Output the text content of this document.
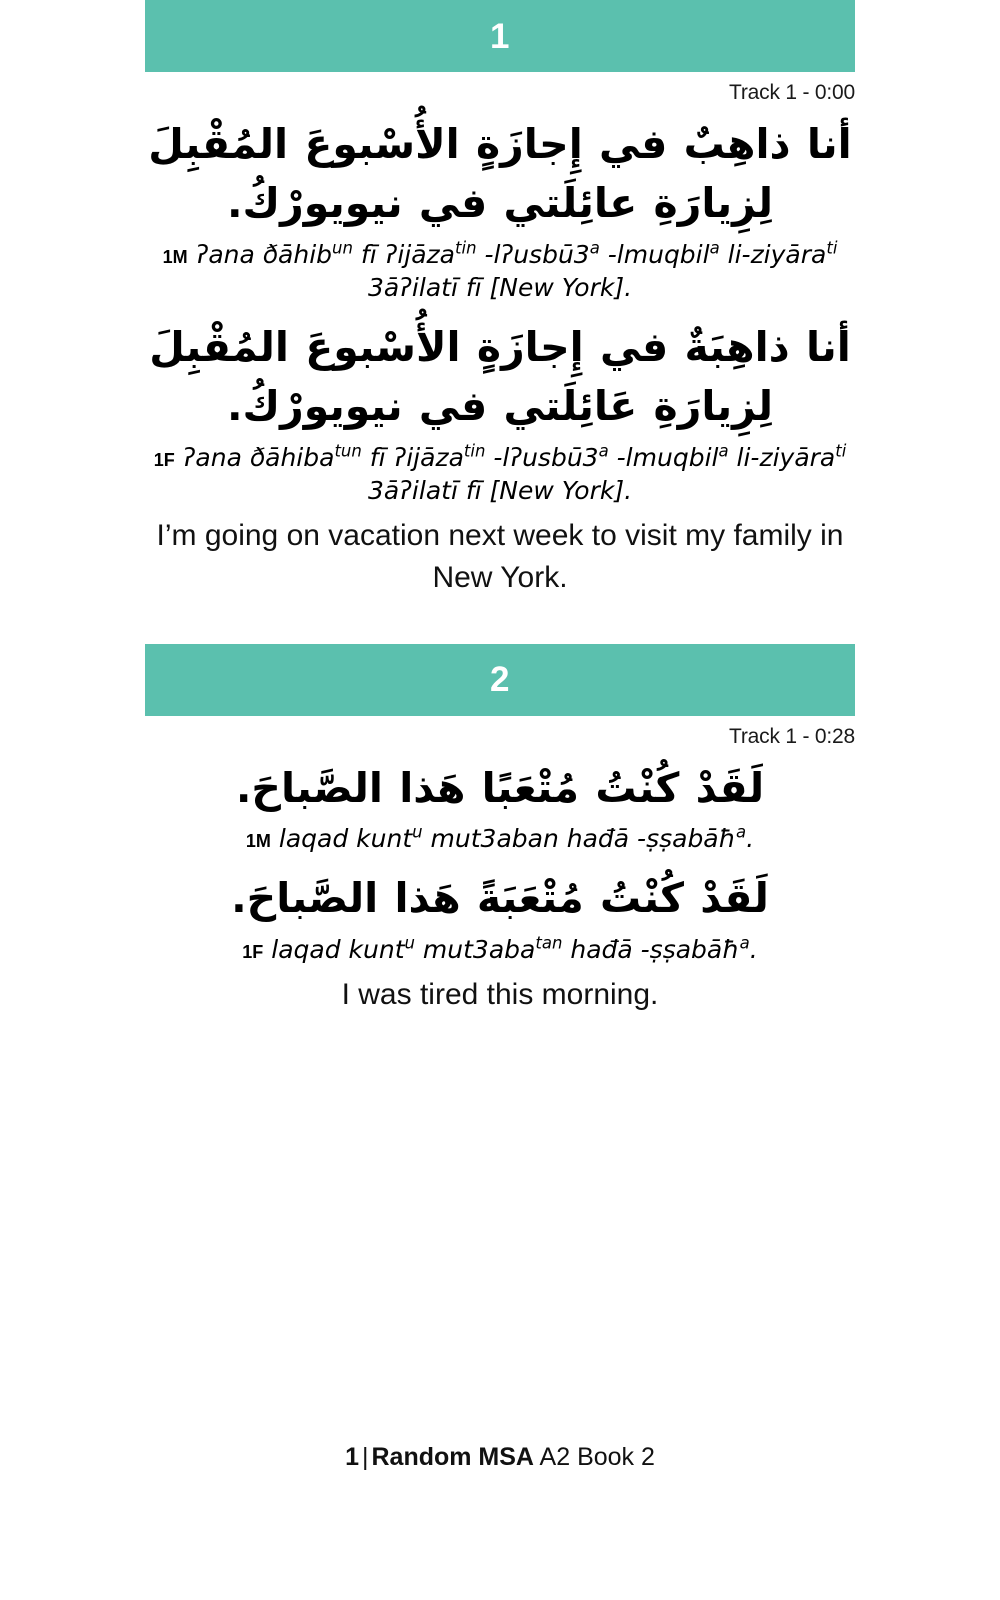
1
Track 1 - 0:00

أنا ذاهِبٌ في إِجازَةٍ الأُسْبوعَ المُقْبِلَ لِزِيارَةِ عائِلَتي في نيويورْكُ.

1M ʔana ðāhib$^{un}$ fī ʔijāza$^{tin}$ -lʔusbū3$^a$ -lmuqbil$^a$ li-ziyāra$^{ti}$ 3āʔilatī fī [New York].

أنا ذاهِبَةٌ في إِجازَةٍ الأُسْبوعَ المُقْبِلَ لِزِيارَةِ عَائِلَتي في نيويورْكُ.

1F ʔana ðāhiba$^{tun}$ fī ʔijāza$^{tin}$ -lʔusbū3$^a$ -lmuqbil$^a$ li-ziyāra$^{ti}$ 3āʔilatī fī [New York].

I’m going on vacation next week to visit my family in New York.

2
Track 1 - 0:28

لَقَدْ كُنْتُ مُتْعَبًا هَذا الصَّباحَ.

1M laqad kunt$^u$ mut3aban hađā -ṣṣabāħ$^a$.

لَقَدْ كُنْتُ مُتْعَبَةً هَذا الصَّباحَ.

1F laqad kunt$^u$ mut3aba$^{tan}$ hađā -ṣṣabāħ$^a$.

I was tired this morning.

1 | Random MSA A2 Book 2
